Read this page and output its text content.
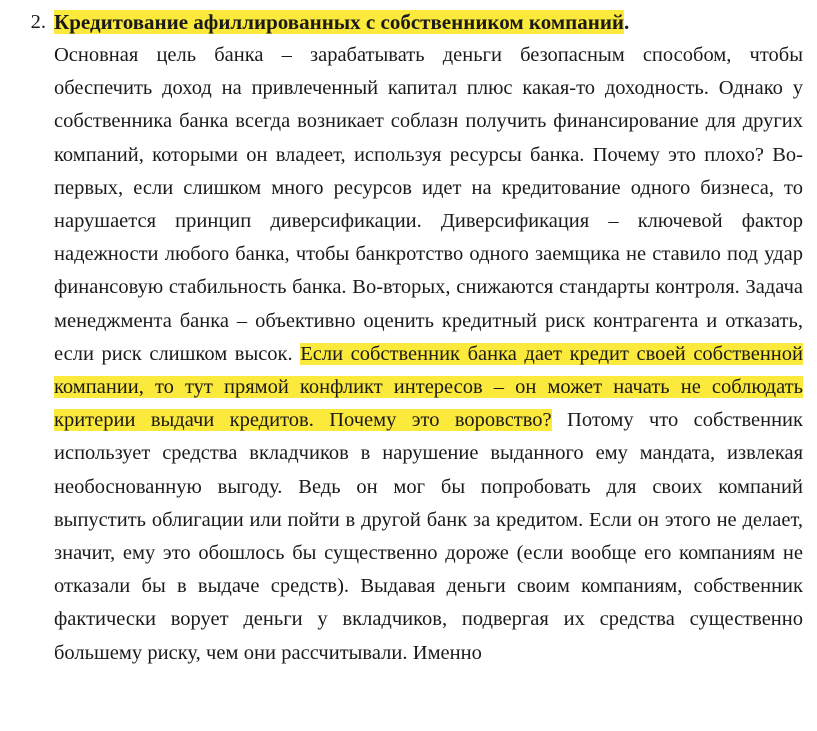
2. Кредитование афиллированных с собственником компаний.

Основная цель банка – зарабатывать деньги безопасным способом, чтобы обеспечить доход на привлеченный капитал плюс какая-то доходность. Однако у собственника банка всегда возникает соблазн получить финансирование для других компаний, которыми он владеет, используя ресурсы банка. Почему это плохо? Во-первых, если слишком много ресурсов идет на кредитование одного бизнеса, то нарушается принцип диверсификации. Диверсификация – ключевой фактор надежности любого банка, чтобы банкротство одного заемщика не ставило под удар финансовую стабильность банка. Во-вторых, снижаются стандарты контроля. Задача менеджмента банка – объективно оценить кредитный риск контрагента и отказать, если риск слишком высок. Если собственник банка дает кредит своей собственной компании, то тут прямой конфликт интересов – он может начать не соблюдать критерии выдачи кредитов. Почему это воровство? Потому что собственник использует средства вкладчиков в нарушение выданного ему мандата, извлекая необоснованную выгоду. Ведь он мог бы попробовать для своих компаний выпустить облигации или пойти в другой банк за кредитом. Если он этого не делает, значит, ему это обошлось бы существенно дороже (если вообще его компаниям не отказали бы в выдаче средств). Выдавая деньги своим компаниям, собственник фактически ворует деньги у вкладчиков, подвергая их средства существенно большему риску, чем они рассчитывали. Именно
